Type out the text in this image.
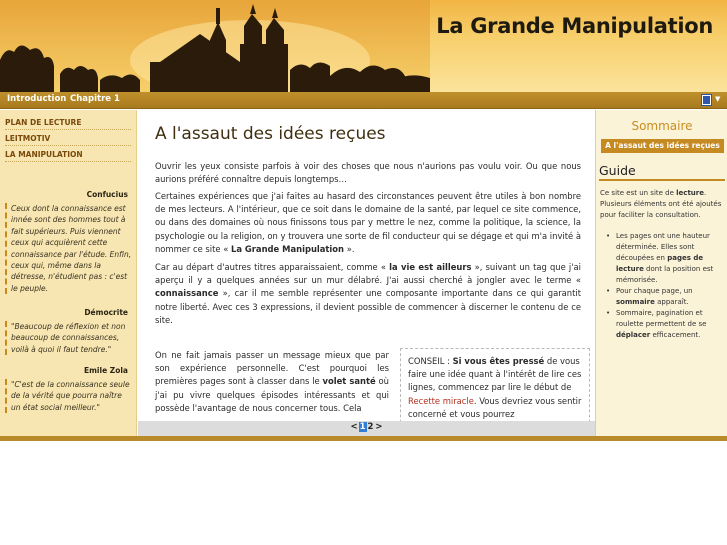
La Grande Manipulation
Introduction Chapitre 1	▼
PLAN DE LECTURE
LEITMOTIV
LA MANIPULATION
Confucius
Ceux dont la connaissance est innée sont des hommes tout à fait supérieurs. Puis viennent ceux qui acquièrent cette connaissance par l'étude. Enfin, ceux qui, même dans la détresse, n'étudient pas : c'est le peuple.
Démocrite
"Beaucoup de réflexion et non beaucoup de connaissances, voilà à quoi il faut tendre."
Emile Zola
"C'est de la connaissance seule de la vérité que pourra naître un état social meilleur."
A l'assaut des idées reçues

Ouvrir les yeux consiste parfois à voir des choses que nous n'aurions pas voulu voir. Ou que nous aurions préféré connaître depuis longtemps…

Certaines expériences que j'ai faites au hasard des circonstances peuvent être utiles à bon nombre de mes lecteurs. A l'intérieur, que ce soit dans le domaine de la santé, par lequel ce site commence, ou dans des domaines où nous finissons tous par y mettre le nez, comme la politique, la science, la psychologie ou la religion, on y trouvera une sorte de fil conducteur qui se dégage et qui m'a invité à nommer ce site « La Grande Manipulation ».

Car au départ d'autres titres apparaissaient, comme « la vie est ailleurs », suivant un tag que j'ai aperçu il y a quelques années sur un mur délabré. J'ai aussi cherché à jongler avec le terme « connaissance », car il me semble représenter une composante importante dans ce qui garantit notre liberté. Avec ces 3 expressions, il devient possible de commencer à discerner le contenu de ce site.

On ne fait jamais passer un message mieux que par son expérience personnelle. C'est pourquoi les premières pages sont à classer dans le volet santé où j'ai pu vivre quelques épisodes intéressants et qui possède l'avantage de nous concerner tous. Cela

CONSEIL : Si vous êtes pressé de vous faire une idée quant à l'intérêt de lire ces lignes, commencez par lire le début de Recette miracle. Vous devriez vous sentir concerné et vous pourrez
< 1 2 >
Sommaire
A l'assaut des idées reçues
Guide
Ce site est un site de lecture. Plusieurs éléments ont été ajoutés pour faciliter la consultation.
• Les pages ont une hauteur déterminée. Elles sont découpées en pages de lecture dont la position est mémorisée.
• Pour chaque page, un sommaire apparaît.
• Sommaire, pagination et roulette permettent de se déplacer efficacement.
